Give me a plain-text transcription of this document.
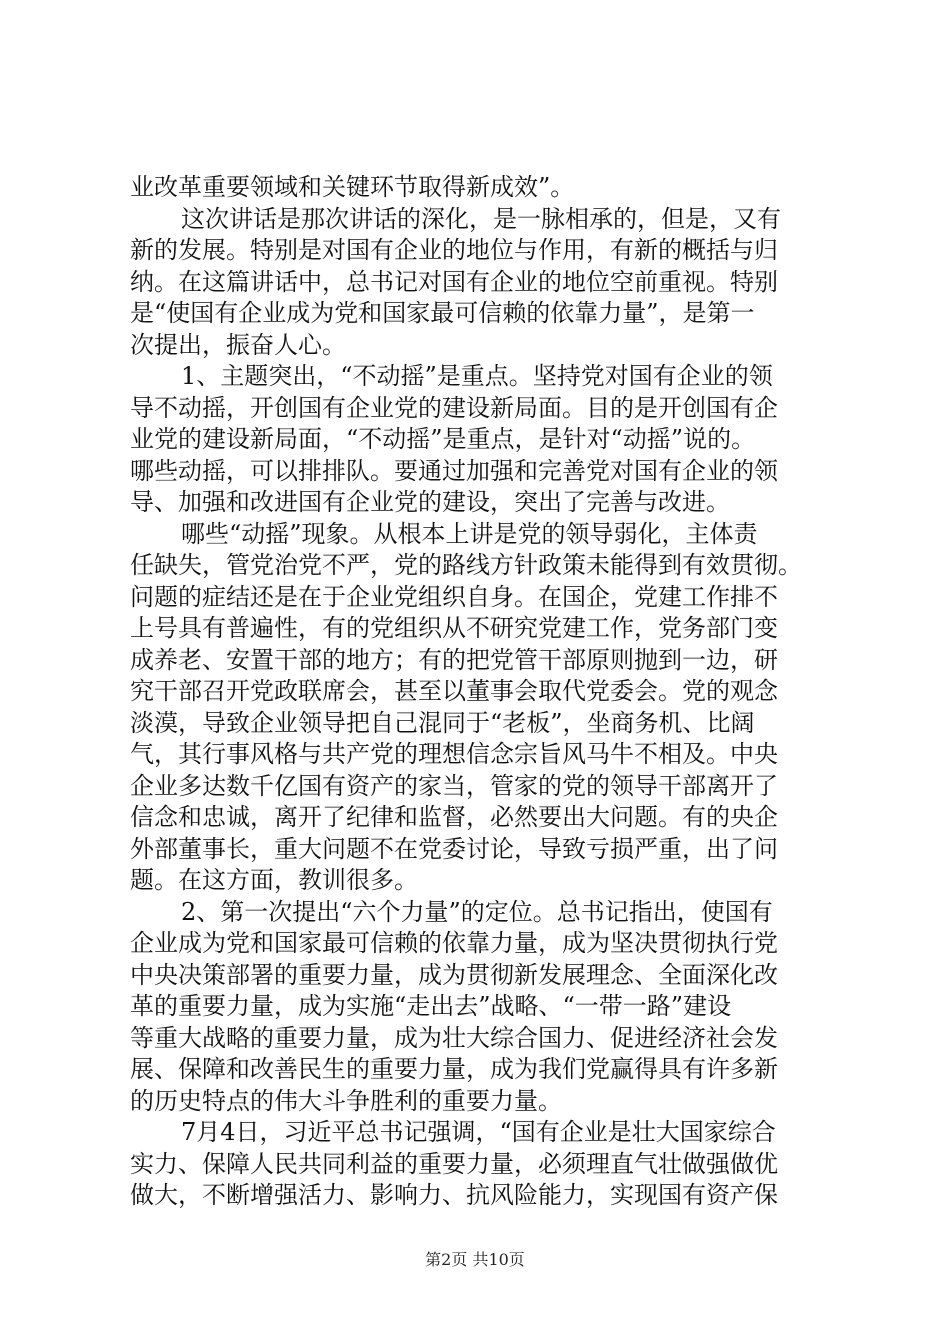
业改革重要领域和关键环节取得新成效”。
这次讲话是那次讲话的深化，是一脉相承的，但是，又有
新的发展。特别是对国有企业的地位与作用，有新的概括与归
纳。在这篇讲话中，总书记对国有企业的地位空前重视。特别
是“使国有企业成为党和国家最可信赖的依靠力量”，是第一
次提出，振奋人心。
1、主题突出，“不动摇”是重点。坚持党对国有企业的领
导不动摇，开创国有企业党的建设新局面。目的是开创国有企
业党的建设新局面，“不动摇”是重点，是针对“动摇”说的。
哪些动摇，可以排排队。要通过加强和完善党对国有企业的领
导、加强和改进国有企业党的建设，突出了完善与改进。
哪些“动摇”现象。从根本上讲是党的领导弱化，主体责
任缺失，管党治党不严，党的路线方针政策未能得到有效贯彻。
问题的症结还是在于企业党组织自身。在国企，党建工作排不
上号具有普遍性，有的党组织从不研究党建工作，党务部门变
成养老、安置干部的地方；有的把党管干部原则抛到一边，研
究干部召开党政联席会，甚至以董事会取代党委会。党的观念
淡漠，导致企业领导把自己混同于“老板”，坐商务机、比阔
气，其行事风格与共产党的理想信念宗旨风马牛不相及。中央
企业多达数千亿国有资产的家当，管家的党的领导干部离开了
信念和忠诚，离开了纪律和监督，必然要出大问题。有的央企
外部董事长，重大问题不在党委讨论，导致亏损严重，出了问
题。在这方面，教训很多。
2、第一次提出“六个力量”的定位。总书记指出，使国有
企业成为党和国家最可信赖的依靠力量，成为坚决贯彻执行党
中央决策部署的重要力量，成为贯彻新发展理念、全面深化改
革的重要力量，成为实施“走出去”战略、“一带一路”建设
等重大战略的重要力量，成为壮大综合国力、促进经济社会发
展、保障和改善民生的重要力量，成为我们党赢得具有许多新
的历史特点的伟大斗争胜利的重要力量。
7月4日，习近平总书记强调，“国有企业是壮大国家综合
实力、保障人民共同利益的重要力量，必须理直气壮做强做优
做大，不断增强活力、影响力、抗风险能力，实现国有资产保
第2页 共10页
